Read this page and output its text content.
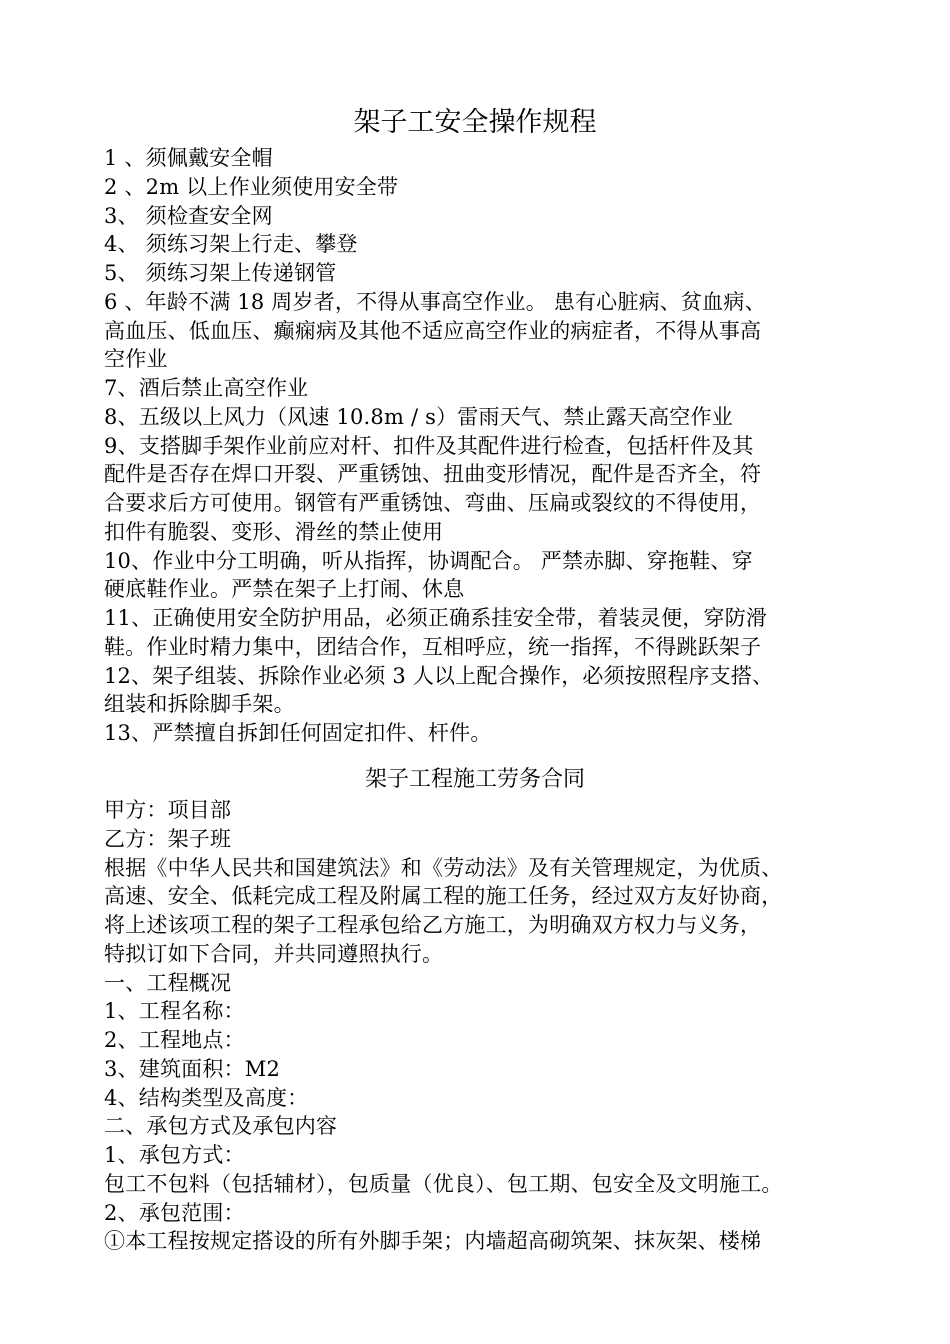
架子工安全操作规程
1 、须佩戴安全帽
2 、2m 以上作业须使用安全带
3、 须检查安全网
4、 须练习架上行走、攀登
5、 须练习架上传递钢管
6 、年龄不满 18 周岁者，不得从事高空作业。 患有心脏病、贫血病、
高血压、低血压、癫痫病及其他不适应高空作业的病症者，不得从事高
空作业
7、酒后禁止高空作业
8、五级以上风力（风速 10.8m / s）雷雨天气、禁止露天高空作业
9、支搭脚手架作业前应对杆、扣件及其配件进行检查，包括杆件及其
配件是否存在焊口开裂、严重锈蚀、扭曲变形情况，配件是否齐全，符
合要求后方可使用。钢管有严重锈蚀、弯曲、压扁或裂纹的不得使用，
扣件有脆裂、变形、滑丝的禁止使用
10、作业中分工明确，听从指挥，协调配合。 严禁赤脚、穿拖鞋、穿
硬底鞋作业。严禁在架子上打闹、休息
11、正确使用安全防护用品，必须正确系挂安全带，着装灵便，穿防滑
鞋。作业时精力集中，团结合作，互相呼应，统一指挥，不得跳跃架子
12、架子组装、拆除作业必须 3 人以上配合操作，必须按照程序支搭、
组装和拆除脚手架。
13、严禁擅自拆卸任何固定扣件、杆件。
架子工程施工劳务合同
甲方：项目部
乙方：架子班
根据《中华人民共和国建筑法》和《劳动法》及有关管理规定，为优质、
高速、安全、低耗完成工程及附属工程的施工任务，经过双方友好协商，
将上述该项工程的架子工程承包给乙方施工，为明确双方权力与义务，
特拟订如下合同，并共同遵照执行。
一、工程概况
1、工程名称：
2、工程地点：
3、建筑面积：M2
4、结构类型及高度：
二、承包方式及承包内容
1、承包方式：
包工不包料（包括辅材），包质量（优良）、包工期、包安全及文明施工。
2、承包范围：
①本工程按规定搭设的所有外脚手架；内墙超高砌筑架、抹灰架、楼梯
